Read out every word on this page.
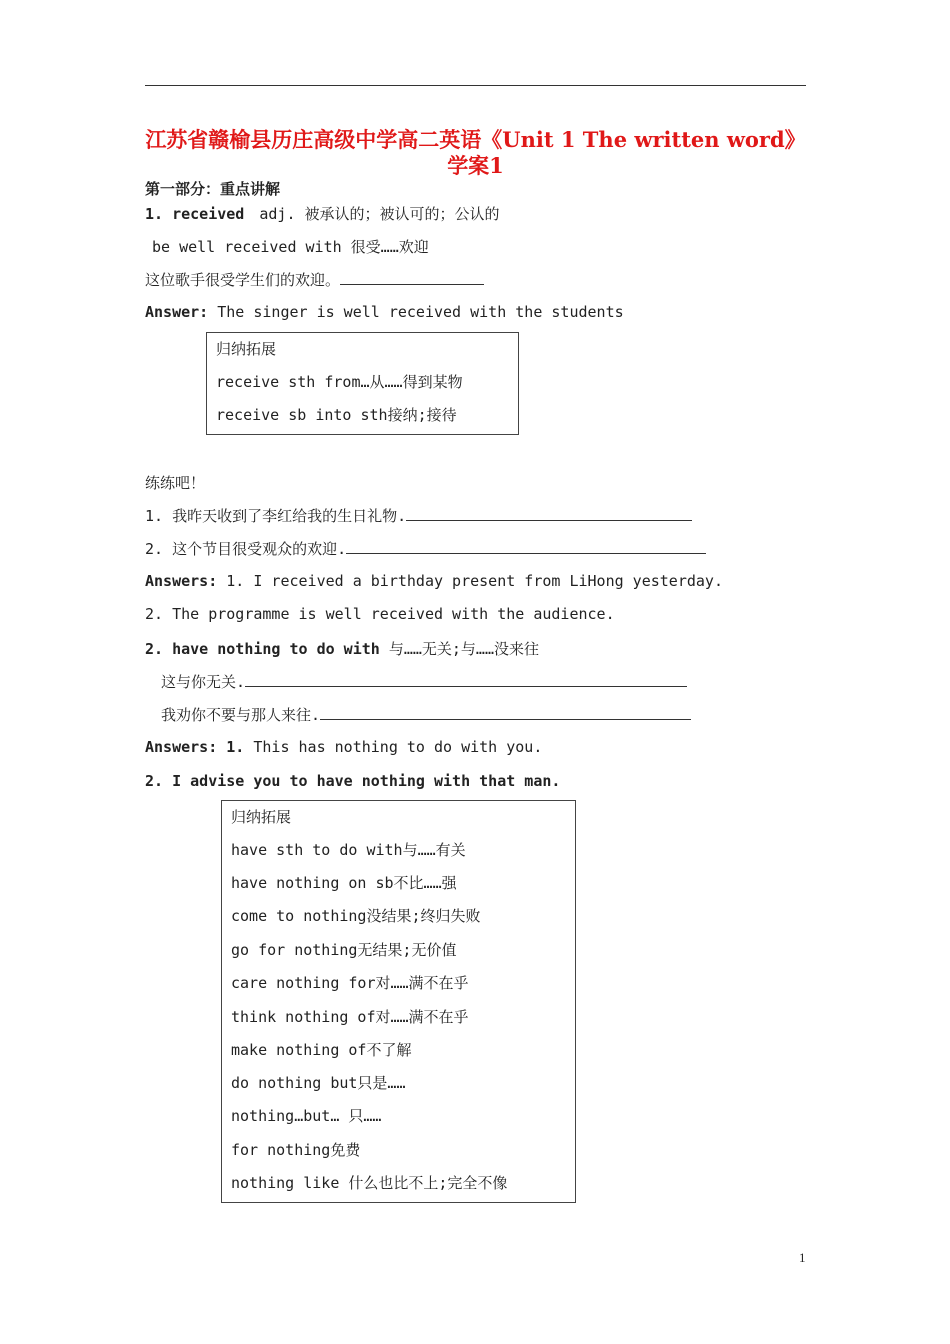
江苏省赣榆县历庄高级中学高二英语《Unit 1 The written word》
学案1
第一部分：重点讲解
1. received adj. 被承认的；被认可的；公认的
be well received with 很受……欢迎
这位歌手很受学生们的欢迎。
Answer: The singer is well received with the students
归纳拓展
receive sth from…从……得到某物
receive sb into sth接纳;接待
练练吧！
1. 我昨天收到了李红给我的生日礼物.
2. 这个节目很受观众的欢迎.
Answers: 1. I received a birthday present from LiHong yesterday.
2. The programme is well received with the audience.
2. have nothing to do with 与……无关;与……没来往
这与你无关.
我劝你不要与那人来往.
Answers: 1. This has nothing to do with you.
2. I advise you to have nothing with that man.
归纳拓展
have sth to do with与……有关
have nothing on sb不比……强
come to nothing没结果;终归失败
go for nothing无结果;无价值
care nothing for对……满不在乎
think nothing of对……满不在乎
make nothing of不了解
do nothing but只是……
nothing…but… 只……
for nothing免费
nothing like 什么也比不上;完全不像
1
